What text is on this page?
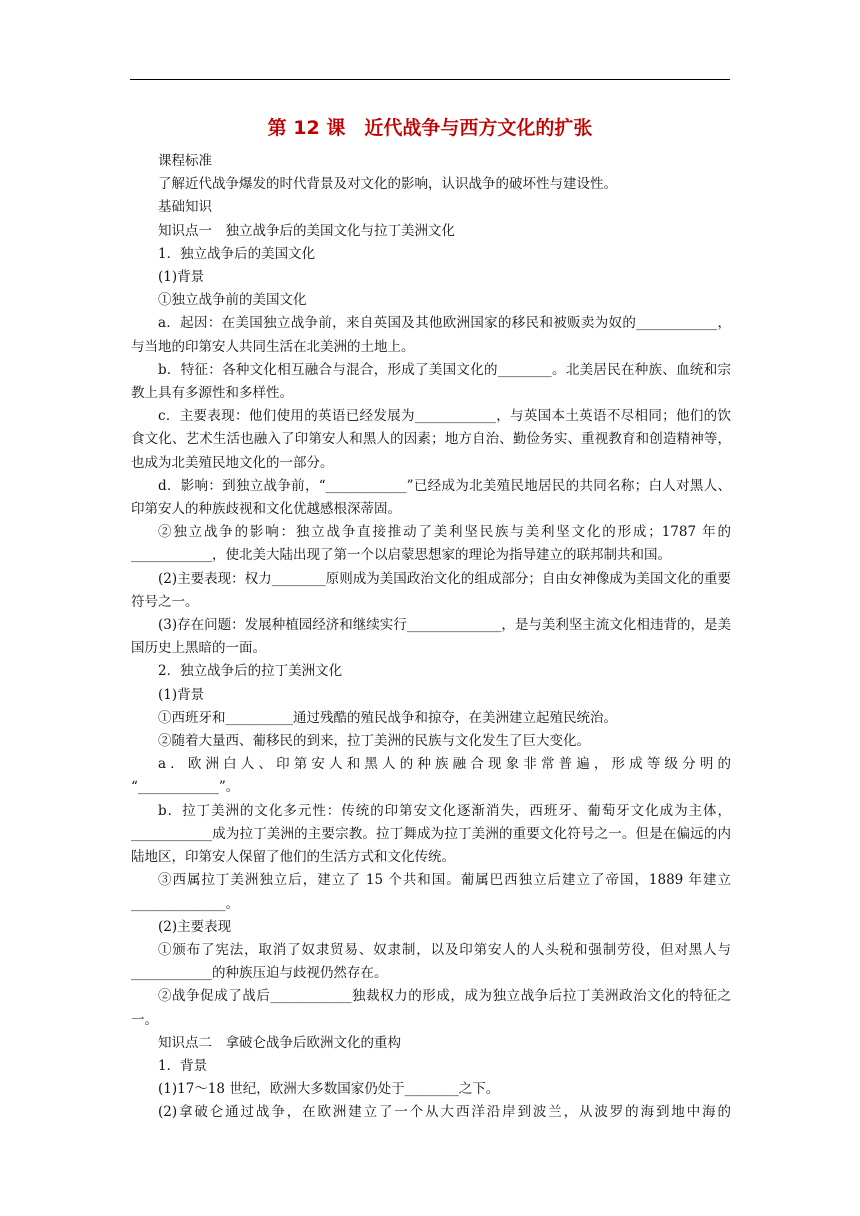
第 12 课　近代战争与西方文化的扩张

课程标准

了解近代战争爆发的时代背景及对文化的影响，认识战争的破坏性与建设性。

基础知识

知识点一　独立战争后的美国文化与拉丁美洲文化

1．独立战争后的美国文化

(1)背景

①独立战争前的美国文化

a．起因：在美国独立战争前，来自英国及其他欧洲国家的移民和被贩卖为奴的____________，与当地的印第安人共同生活在北美洲的土地上。

b．特征：各种文化相互融合与混合，形成了美国文化的________。北美居民在种族、血统和宗教上具有多源性和多样性。

c．主要表现：他们使用的英语已经发展为____________，与英国本土英语不尽相同；他们的饮食文化、艺术生活也融入了印第安人和黑人的因素；地方自治、勤俭务实、重视教育和创造精神等，也成为北美殖民地文化的一部分。

d．影响：到独立战争前，“____________”已经成为北美殖民地居民的共同名称；白人对黑人、印第安人的种族歧视和文化优越感根深蒂固。

②独立战争的影响：独立战争直接推动了美利坚民族与美利坚文化的形成；1787 年的____________，使北美大陆出现了第一个以启蒙思想家的理论为指导建立的联邦制共和国。

(2)主要表现：权力________原则成为美国政治文化的组成部分；自由女神像成为美国文化的重要符号之一。

(3)存在问题：发展种植园经济和继续实行______________，是与美利坚主流文化相违背的，是美国历史上黑暗的一面。

2．独立战争后的拉丁美洲文化

(1)背景

①西班牙和__________通过残酷的殖民战争和掠夺，在美洲建立起殖民统治。

②随着大量西、葡移民的到来，拉丁美洲的民族与文化发生了巨大变化。

a．欧洲白人、印第安人和黑人的种族融合现象非常普遍，形成等级分明的

“____________”。

b．拉丁美洲的文化多元性：传统的印第安文化逐渐消失，西班牙、葡萄牙文化成为主体，____________成为拉丁美洲的主要宗教。拉丁舞成为拉丁美洲的重要文化符号之一。但是在偏远的内陆地区，印第安人保留了他们的生活方式和文化传统。

③西属拉丁美洲独立后，建立了 15 个共和国。葡属巴西独立后建立了帝国，1889 年建立______________。

(2)主要表现

①颁布了宪法，取消了奴隶贸易、奴隶制，以及印第安人的人头税和强制劳役，但对黑人与____________的种族压迫与歧视仍然存在。

②战争促成了战后____________独裁权力的形成，成为独立战争后拉丁美洲政治文化的特征之一。

知识点二　拿破仑战争后欧洲文化的重构

1．背景

(1)17～18 世纪，欧洲大多数国家仍处于________之下。

(2)拿破仑通过战争，在欧洲建立了一个从大西洋沿岸到波兰，从波罗的海到地中海的
